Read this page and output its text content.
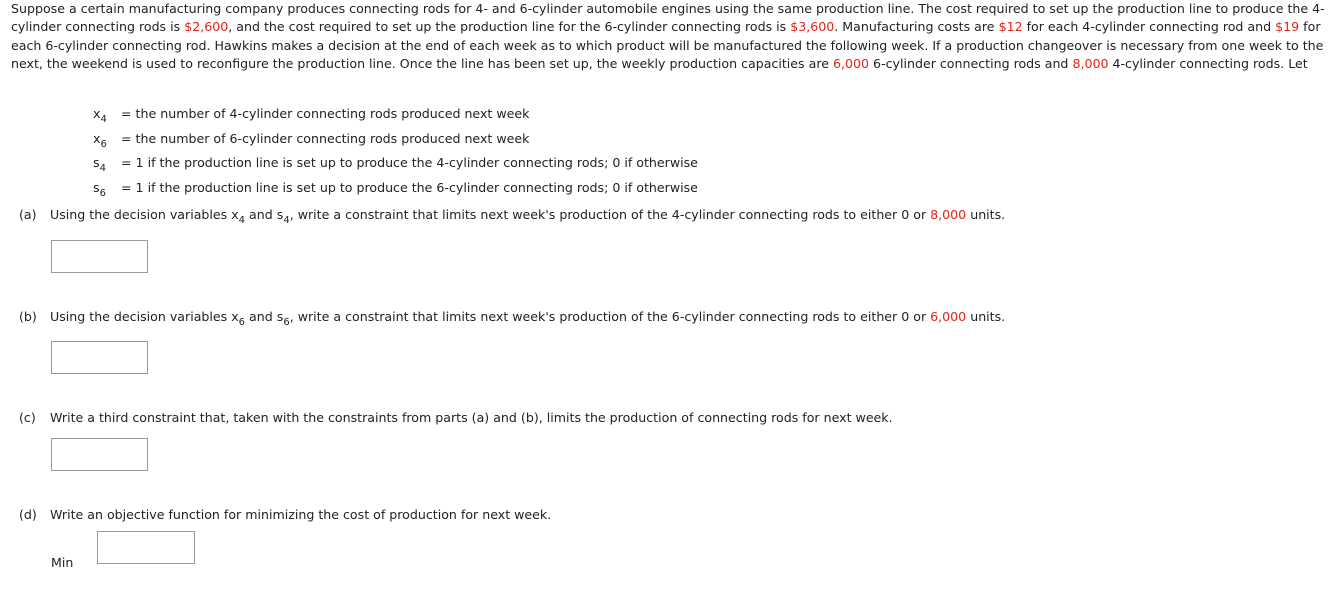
Suppose a certain manufacturing company produces connecting rods for 4- and 6-cylinder automobile engines using the same production line. The cost required to set up the production line to produce the 4-cylinder connecting rods is $2,600, and the cost required to set up the production line for the 6-cylinder connecting rods is $3,600. Manufacturing costs are $12 for each 4-cylinder connecting rod and $19 for each 6-cylinder connecting rod. Hawkins makes a decision at the end of each week as to which product will be manufactured the following week. If a production changeover is necessary from one week to the next, the weekend is used to reconfigure the production line. Once the line has been set up, the weekly production capacities are 6,000 6-cylinder connecting rods and 8,000 4-cylinder connecting rods. Let
$x_4$ = the number of 4-cylinder connecting rods produced next week
$x_6$ = the number of 6-cylinder connecting rods produced next week
$s_4 = 1$ if the production line is set up to produce the 4-cylinder connecting rods; 0 if otherwise
$s_6 = 1$ if the production line is set up to produce the 6-cylinder connecting rods; 0 if otherwise
(a) Using the decision variables $x_4$ and $s_4$, write a constraint that limits next week's production of the 4-cylinder connecting rods to either 0 or 8,000 units.
(b) Using the decision variables $x_6$ and $s_6$, write a constraint that limits next week's production of the 6-cylinder connecting rods to either 0 or 6,000 units.
(c) Write a third constraint that, taken with the constraints from parts (a) and (b), limits the production of connecting rods for next week.
(d) Write an objective function for minimizing the cost of production for next week.
Min
